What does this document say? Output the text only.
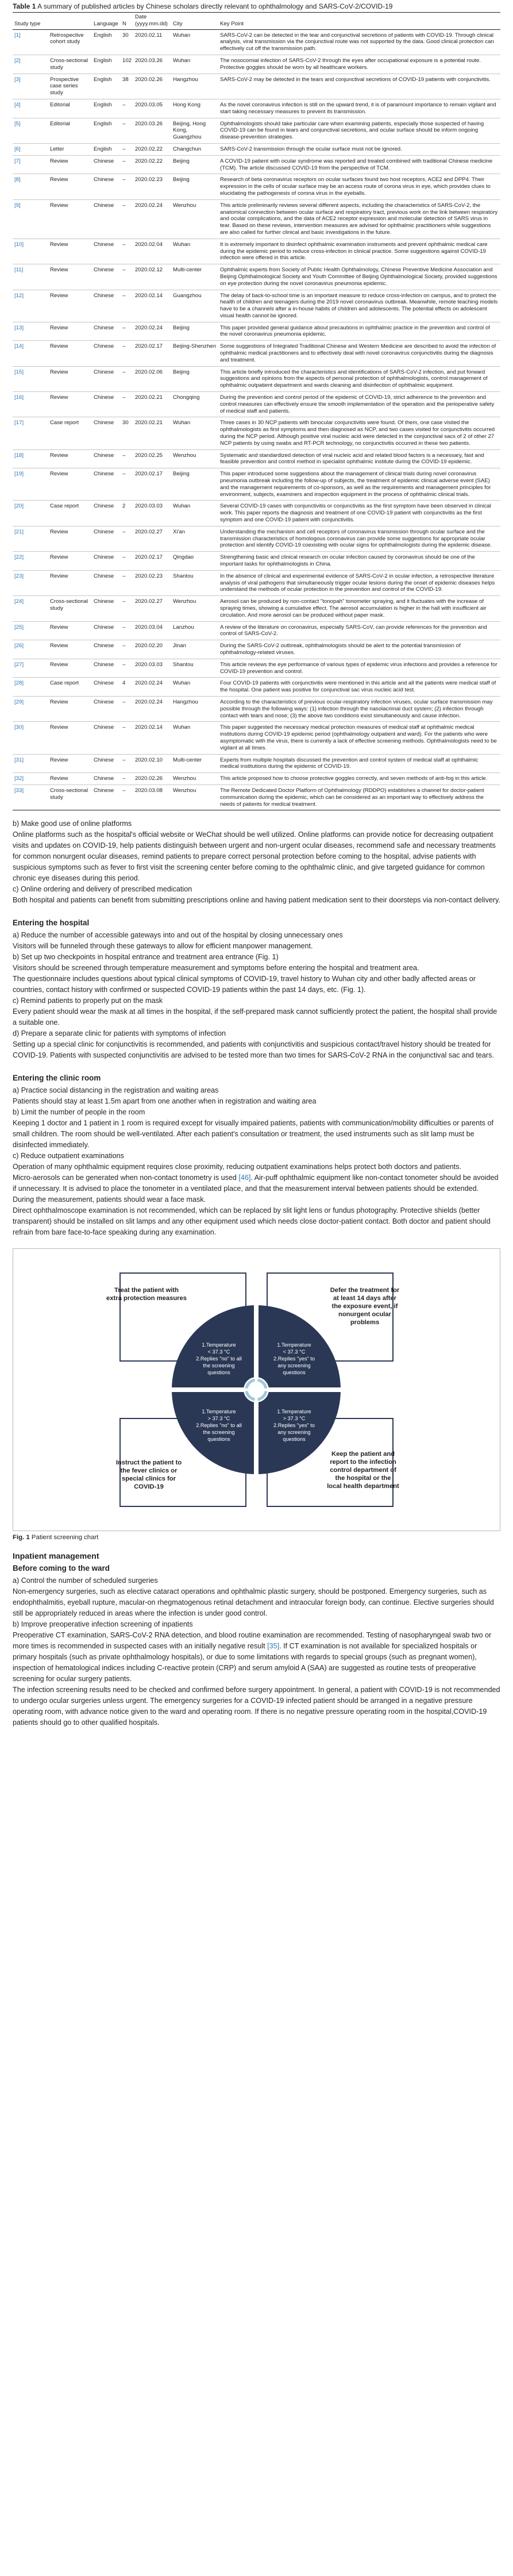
Table 1 A summary of published articles by Chinese scholars directly relevant to ophthalmology and SARS-CoV-2/COVID-19
Study type		Language	N	Date
(yyyy.mm.dd)	City	Key Point
[1]	Retrospective cohort study	English	30	2020.02.11	Wuhan	SARS-CoV-2 can be detected in the tear and conjunctival secretions of patients with COVID-19. Through clinical analysis, viral transmission via the conjunctival route was not supported by the data. Good clinical protection can effectively cut off the transmission path.
[2]	Cross-sectional study	English	102	2020.03.26	Wuhan	The nosocomial infection of SARS-CoV-2 through the eyes after occupational exposure is a potential route. Protective goggles should be worn by all healthcare workers.
[3]	Prospective case series study	English	38	2020.02.26	Hangzhou	SARS-CoV-2 may be detected in the tears and conjunctival secretions of COVID-19 patients with conjunctivitis.
[4]	Editorial	English	–	2020.03.05	Hong Kong	As the novel coronavirus infection is still on the upward trend, it is of paramount importance to remain vigilant and start taking necessary measures to prevent its transmission.
[5]	Editorial	English	–	2020.03.26	Beijing, Hong Kong, Guangzhou	Ophthalmologists should take particular care when examining patients, especially those suspected of having COVID-19 can be found in tears and conjunctival secretions, and ocular surface should be inform ongoing disease-prevention strategies.
[6]	Letter	English	–	2020.02.22	Changchun	SARS-CoV-2 transmission through the ocular surface must not be ignored.
[7]	Review	Chinese	–	2020.02.22	Beijing	A COVID-19 patient with ocular syndrome was reported and treated combined with traditional Chinese medicine (TCM). The article discussed COVID-19 from the perspective of TCM.
[8]	Review	Chinese	–	2020.02.23	Beijing	Research of beta coronavirus receptors on ocular surfaces found two host receptors, ACE2 and DPP4. Their expression in the cells of ocular surface may be an access route of corona virus in eye, which provides clues to elucidating the pathogenesis of corona virus in the eyeballs.
[9]	Review	Chinese	–	2020.02.24	Wenzhou	This article preliminarily reviews several different aspects, including the characteristics of SARS-CoV-2, the anatomical connection between ocular surface and respiratory tract, previous work on the link between respiratory and ocular complications, and the data of ACE2 receptor expression and molecular detection of SARS virus in tear. Based on these reviews, intervention measures are advised for ophthalmic practitioners while suggestions are also called for further clinical and basic investigations in the future.
[10]	Review	Chinese	–	2020.02.04	Wuhan	It is extremely important to disinfect ophthalmic examination instruments and prevent ophthalmic medical care during the epidemic period to reduce cross-infection in clinical practice. Some suggestions against COVID-19 infection were offered in this article.
[11]	Review	Chinese	–	2020.02.12	Multi-center	Ophthalmic experts from Society of Public Health Ophthalmology, Chinese Preventive Medicine Association and Beijing Ophthalmological Society and Youth Committee of Beijing Ophthalmological Society, provided suggestions on eye protection during the novel coronavirus pneumonia epidemic.
[12]	Review	Chinese	–	2020.02.14	Guangzhou	The delay of back-to-school time is an important measure to reduce cross-infection on campus, and to protect the health of children and teenagers during the 2019 novel coronavirus outbreak. Meanwhile, remote teaching models have to be a channels after a in-house habits of children and adolescents. The potential effects on adolescent visual health cannot be ignored.
[13]	Review	Chinese	–	2020.02.24	Beijing	This paper provided general guidance about precautions in ophthalmic practice in the prevention and control of the novel coronavirus pneumonia epidemic.
[14]	Review	Chinese	–	2020.02.17	Beijing-Shenzhen	Some suggestions of Integrated Traditional Chinese and Western Medicine are described to avoid the infection of ophthalmic medical practitioners and to effectively deal with novel coronavirus conjunctivitis during the diagnosis and treatment.
[15]	Review	Chinese	–	2020.02.06	Beijing	This article briefly introduced the characteristics and identifications of SARS-CoV-2 infection, and put forward suggestions and opinions from the aspects of personal protection of ophthalmologists, control management of ophthalmic outpatient department and wards cleaning and disinfection of ophthalmic equipment.
[16]	Review	Chinese	–	2020.02.21	Chongqing	During the prevention and control period of the epidemic of COVID-19, strict adherence to the prevention and control measures can effectively ensure the smooth implementation of the operation and the perioperative safety of medical staff and patients.
[17]	Case report	Chinese	30	2020.02.21	Wuhan	Three cases in 30 NCP patients with binocular conjunctivitis were found. Of them, one case visited the ophthalmologists as first symptoms and then diagnosed as NCP, and two cases visited for conjunctivitis occurred during the NCP period. Although positive viral nucleic acid were detected in the conjunctival sacs of 2 of other 27 NCP patients by using swabs and RT-PCR technology, no conjunctivitis occurred in these two patients.
[18]	Review	Chinese	–	2020.02.25	Wenzhou	Systematic and standardized detection of viral nucleic acid and related blood factors is a necessary, fast and feasible prevention and control method in specialist ophthalmic institute during the COVID-19 epidemic.
[19]	Review	Chinese	–	2020.02.17	Beijing	This paper introduced some suggestions about the management of clinical trials during novel coronavirus pneumonia outbreak including the follow-up of subjects, the treatment of epidemic clinical adverse event (SAE) and the management requirements of co-sponsors, as well as the requirements and management principles for environment, subjects, examiners and inspection equipment in the process of ophthalmic clinical trials.
[20]	Case report	Chinese	2	2020.03.03	Wuhan	Several COVID-19 cases with conjunctivitis or conjunctivitis as the first symptom have been observed in clinical work. This paper reports the diagnosis and treatment of one COVID-19 patient with conjunctivitis as the first symptom and one COVID-19 patient with conjunctivitis.
[21]	Review	Chinese	–	2020.02.27	Xi'an	Understanding the mechanism and cell receptors of coronavirus transmission through ocular surface and the transmission characteristics of homologous coronavirus can provide some suggestions for appropriate ocular protection and identify COVID-19 coexisting with ocular signs for ophthalmologists during the epidemic disease.
[22]	Review	Chinese	–	2020.02.17	Qingdao	Strengthening basic and clinical research on ocular infection caused by coronavirus should be one of the important tasks for ophthalmologists in China.
[23]	Review	Chinese	–	2020.02.23	Shantou	In the absence of clinical and experimental evidence of SARS-CoV-2 in ocular infection, a retrospective literature analysis of viral pathogens that simultaneously trigger ocular lesions during the onset of epidemic diseases helps understand the methods of ocular protection in the prevention and control of the COVID-19.
[24]	Cross-sectional study	Chinese	–	2020.02.27	Wenzhou	Aerosol can be produced by non-contact "tonopah" tonometer spraying, and it fluctuates with the increase of spraying times, showing a cumulative effect. The aerosol accumulation is higher in the hall with insufficient air circulation. And more aerosol can be produced without paper mask.
[25]	Review	Chinese	–	2020.03.04	Lanzhou	A review of the literature on coronavirus, especially SARS-CoV, can provide references for the prevention and control of SARS-CoV-2.
[26]	Review	Chinese	–	2020.02.20	Jinan	During the SARS-CoV-2 outbreak, ophthalmologists should be alert to the potential transmission of ophthalmology-related viruses.
[27]	Review	Chinese	–	2020.03.03	Shantou	This article reviews the eye performance of various types of epidemic virus infections and provides a reference for COVID-19 prevention and control.
[28]	Case report	Chinese	4	2020.02.24	Wuhan	Four COVID-19 patients with conjunctivitis were mentioned in this article and all the patients were medical staff of the hospital. One patient was positive for conjunctival sac virus nucleic acid test.
[29]	Review	Chinese	–	2020.02.24	Hangzhou	According to the characteristics of previous ocular-respiratory infection viruses, ocular surface transmission may possible through the following ways: (1) infection through the nasolacrimal duct system; (2) infection through contact with tears and nose; (3) the above two conditions exist simultaneously and cause infection.
[30]	Review	Chinese	–	2020.02.14	Wuhan	This paper suggested the necessary medical protection measures of medical staff at ophthalmic medical institutions during COVID-19 epidemic period (ophthalmology outpatient and ward). For the patients who were asymptomatic with the virus, there is currently a lack of effective screening methods. Ophthalmologists need to be vigilant at all times.
[31]	Review	Chinese	–	2020.02.10	Multi-center	Experts from multiple hospitals discussed the prevention and control system of medical staff at ophthalmic medical institutions during the epidemic of COVID-19.
[32]	Review	Chinese	–	2020.02.26	Wenzhou	This article proposed how to choose protective goggles correctly, and seven methods of anti-fog in this article.
[33]	Cross-sectional study	Chinese	–	2020.03.08	Wenzhou	The Remote Dedicated Doctor Platform of Ophthalmology (RDDPO) establishes a channel for doctor-patient communication during the epidemic, which can be considered as an important way to effectively address the needs of patients for medical treatment.

b) Make good use of online platforms

Online platforms such as the hospital's official website or WeChat should be well utilized. Online platforms can provide notice for decreasing outpatient visits and updates on COVID-19, help patients distinguish between urgent and non-urgent ocular diseases, recommend safe and necessary treatments for common nonurgent ocular diseases, remind patients to prepare correct personal protection before coming to the hospital, advise patients with suspicious symptoms such as fever to first visit the screening center before coming to the ophthalmic clinic, and give targeted guidance for common chronic eye diseases during this period.

c) Online ordering and delivery of prescribed medication

Both hospital and patients can benefit from submitting prescriptions online and having patient medication sent to their doorsteps via non-contact delivery.

Entering the hospital

a) Reduce the number of accessible gateways into and out of the hospital by closing unnecessary ones

Visitors will be funneled through these gateways to allow for efficient manpower management.

b) Set up two checkpoints in hospital entrance and treatment area entrance (Fig. 1)

Visitors should be screened through temperature measurement and symptoms before entering the hospital and treatment area.

The questionnaire includes questions about typical clinical symptoms of COVID-19, travel history to Wuhan city and other badly affected areas or countries, contact history with confirmed or suspected COVID-19 patients within the past 14 days, etc. (Fig. 1).

c) Remind patients to properly put on the mask

Every patient should wear the mask at all times in the hospital, if the self-prepared mask cannot sufficiently protect the patient, the hospital shall provide a suitable one.

d) Prepare a separate clinic for patients with symptoms of infection

Setting up a special clinic for conjunctivitis is recommended, and patients with conjunctivitis and suspicious contact/travel history should be treated for COVID-19. Patients with suspected conjunctivitis are advised to be tested more than two times for SARS-CoV-2 RNA in the conjunctival sac and tears.

Entering the clinic room

a) Practice social distancing in the registration and waiting areas

Patients should stay at least 1.5m apart from one another when in registration and waiting area

b) Limit the number of people in the room

Keeping 1 doctor and 1 patient in 1 room is required except for visually impaired patients, patients with communication/mobility difficulties or parents of small children. The room should be well-ventilated. After each patient's consultation or treatment, the used instruments such as slit lamp must be disinfected immediately.

c) Reduce outpatient examinations

Operation of many ophthalmic equipment requires close proximity, reducing outpatient examinations helps protect both doctors and patients.

Micro-aerosols can be generated when non-contact tonometry is used [46]. Air-puff ophthalmic equipment like non-contact tonometer should be avoided if unnecessary. It is advised to place the tonometer in a ventilated place, and that the measurement interval between patients should be extended. During the measurement, patients should wear a face mask.

Direct ophthalmoscope examination is not recommended, which can be replaced by slit light lens or fundus photography. Protective shields (better transparent) should be installed on slit lamps and any other equipment used which needs close doctor-patient contact. Both doctor and patient should refrain from bare face-to-face speaking during any examination.

Treat the patient with extra protection measures
Defer the treatment for at least 14 days after the exposure event, if nonurgent ocular problems
Instruct the patient to the fever clinics or special clinics for COVID-19
Keep the patient and report to the infection control department of the hospital or the local health department
1.Temperature < 37.3 °C 2.Replies "no" to all the screening questions
1.Temperature < 37.3 °C 2.Replies "yes" to any screening questions
1.Temperature > 37.3 °C 2.Replies "no" to all the screening questions
1.Temperature > 37.3 °C 2.Replies "yes" to any screening questions
Fig. 1 Patient screening chart
Inpatient management
Before coming to the ward

a) Control the number of scheduled surgeries

Non-emergency surgeries, such as elective cataract operations and ophthalmic plastic surgery, should be postponed. Emergency surgeries, such as endophthalmitis, eyeball rupture, macular-on rhegmatogenous retinal detachment and intraocular foreign body, can continue. Elective surgeries should still be appropriately reduced in areas where the infection is under good control.

b) Improve preoperative infection screening of inpatients

Preoperative CT examination, SARS-CoV-2 RNA detection, and blood routine examination are recommended. Testing of nasopharyngeal swab two or more times is recommended in suspected cases with an initially negative result [35]. If CT examination is not available for specialized hospitals or primary hospitals (such as private ophthalmology hospitals), or due to some limitations with regards to special groups (such as pregnant women), inspection of hematological indices including C-reactive protein (CRP) and serum amyloid A (SAA) are suggested as routine tests of preoperative screening for ocular surgery patients.

The infection screening results need to be checked and confirmed before surgery appointment. In general, a patient with COVID-19 is not recommended to undergo ocular surgeries unless urgent. The emergency surgeries for a COVID-19 infected patient should be arranged in a negative pressure operating room, with advance notice given to the ward and operating room. If there is no negative pressure operating room in the hospital,COVID-19 patients should go to other qualified hospitals.
